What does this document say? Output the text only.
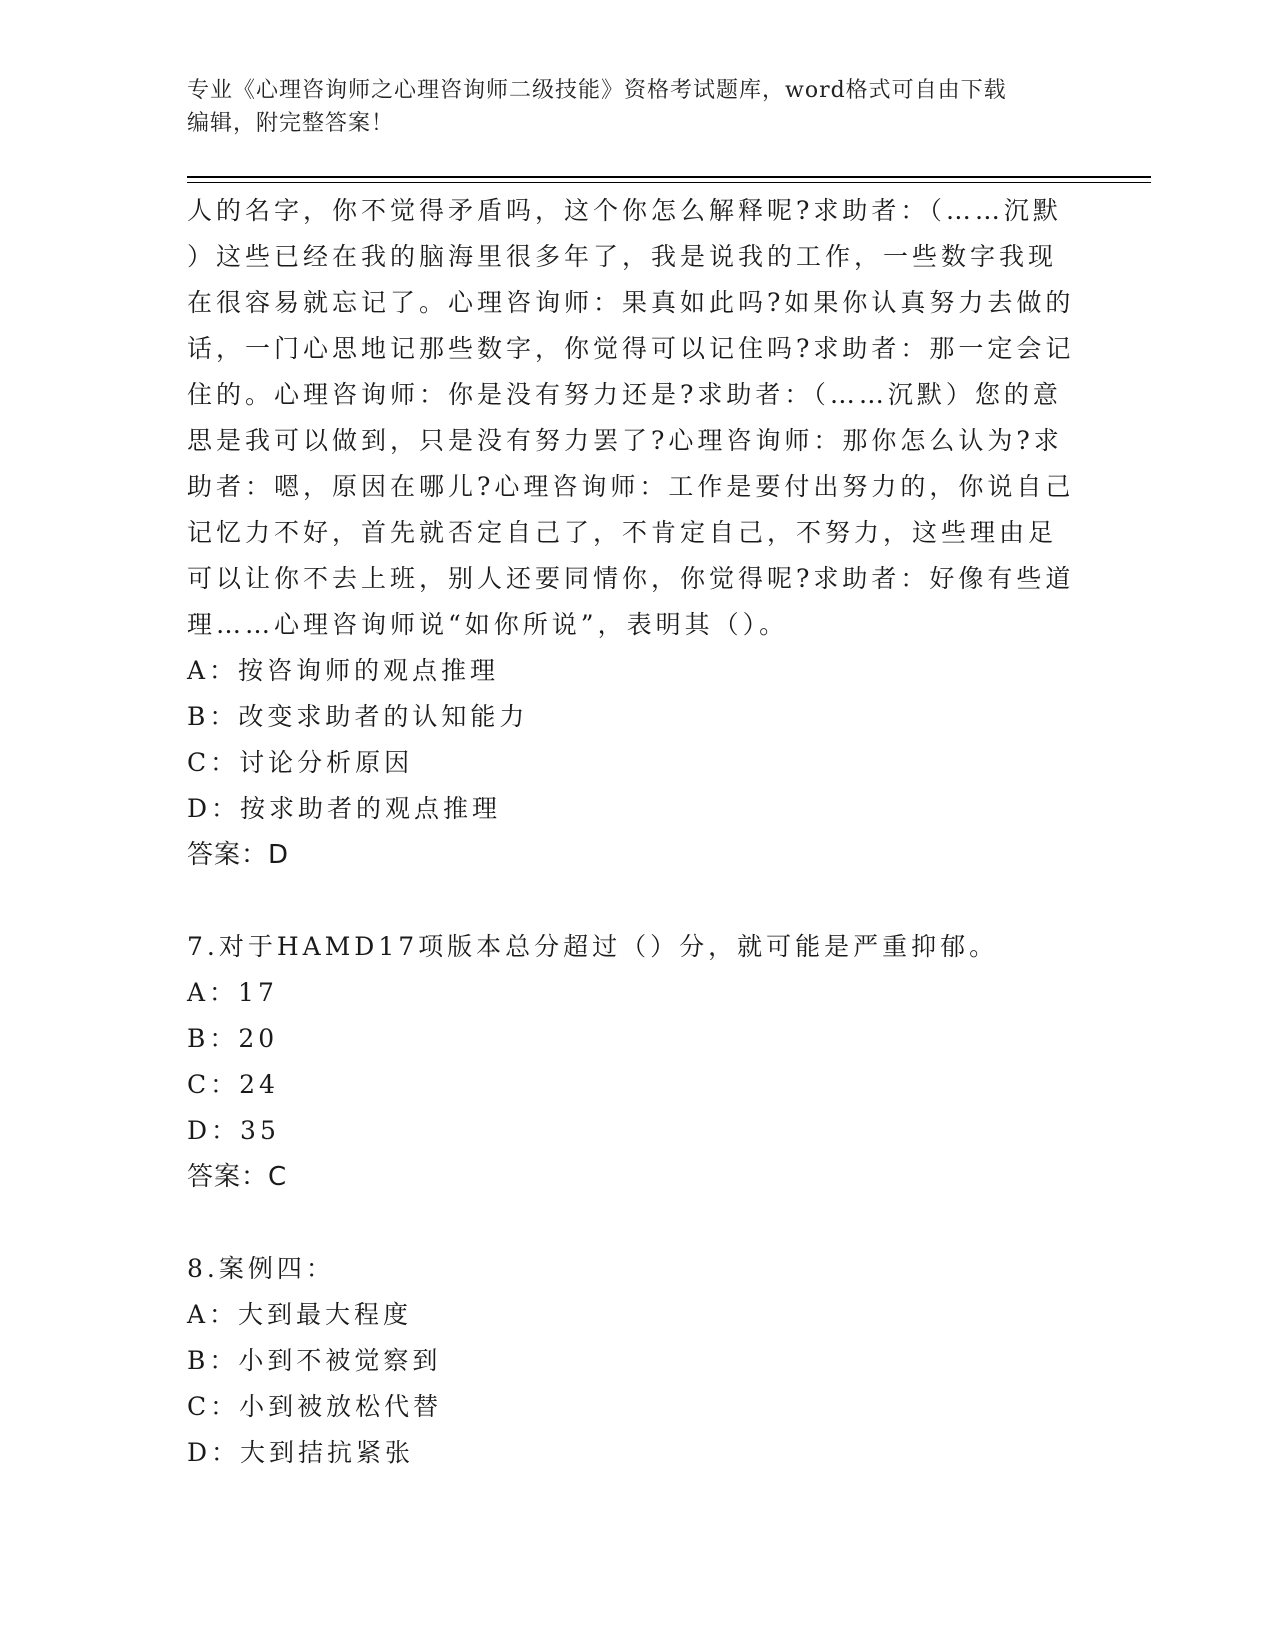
专业《心理咨询师之心理咨询师二级技能》资格考试题库，word格式可自由下载
编辑，附完整答案！

人的名字，你不觉得矛盾吗，这个你怎么解释呢?求助者：（……沉默

）这些已经在我的脑海里很多年了，我是说我的工作，一些数字我现

在很容易就忘记了。心理咨询师：果真如此吗?如果你认真努力去做的

话，一门心思地记那些数字，你觉得可以记住吗?求助者：那一定会记

住的。心理咨询师：你是没有努力还是?求助者：（……沉默）您的意

思是我可以做到，只是没有努力罢了?心理咨询师：那你怎么认为?求

助者：嗯，原因在哪儿?心理咨询师：工作是要付出努力的，你说自己

记忆力不好，首先就否定自己了，不肯定自己，不努力，这些理由足

可以让你不去上班，别人还要同情你，你觉得呢?求助者：好像有些道

理……心理咨询师说“如你所说”，表明其（）。

A：按咨询师的观点推理

B：改变求助者的认知能力

C：讨论分析原因

D：按求助者的观点推理

答案：D

7.对于HAMD17项版本总分超过（）分，就可能是严重抑郁。

A：17

B：20

C：24

D：35

答案：C

8.案例四：

A：大到最大程度

B：小到不被觉察到

C：小到被放松代替

D：大到拮抗紧张
